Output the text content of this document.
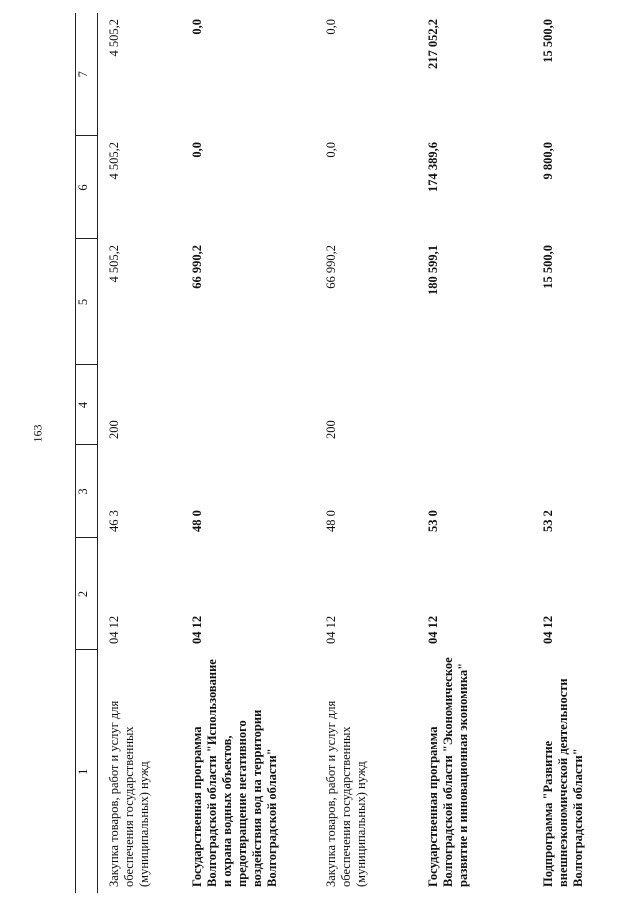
163
1	2	3	4	5	6	7
Закупка товаров, работ и услуг для обеспечения государственных (муниципальных) нужд	04 12	46 3	200	4 505,2	4 505,2	4 505,2
Государственная программа Волгоградской области "Использование и охрана водных объектов, предотвращение негативного воздействия вод на территории Волгоградской области"	04 12	48 0		66 990,2	0,0	0,0
Закупка товаров, работ и услуг для обеспечения государственных (муниципальных) нужд	04 12	48 0	200	66 990,2	0,0	0,0
Государственная программа Волгоградской области "Экономическое развитие и инновационная экономика"	04 12	53 0		180 599,1	174 389,6	217 052,2
Подпрограмма "Развитие внешнеэкономической деятельности Волгоградской области"	04 12	53 2		15 500,0	9 800,0	15 500,0
